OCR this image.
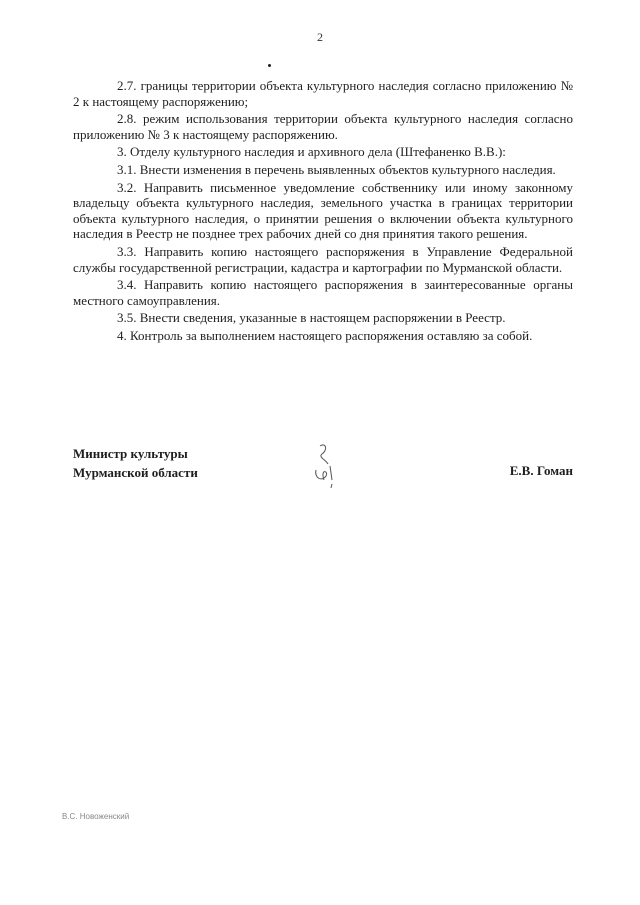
2

2.7. границы территории объекта культурного наследия согласно приложению № 2 к настоящему распоряжению;

2.8. режим использования территории объекта культурного наследия согласно приложению № 3 к настоящему распоряжению.

3. Отделу культурного наследия и архивного дела (Штефаненко В.В.):

3.1. Внести изменения в перечень выявленных объектов культурного наследия.

3.2. Направить письменное уведомление собственнику или иному законному владельцу объекта культурного наследия, земельного участка в границах территории объекта культурного наследия, о принятии решения о включении объекта культурного наследия в Реестр не позднее трех рабочих дней со дня принятия такого решения.

3.3. Направить копию настоящего распоряжения в Управление Федеральной службы государственной регистрации, кадастра и картографии по Мурманской области.

3.4. Направить копию настоящего распоряжения в заинтересованные органы местного самоуправления.

3.5. Внести сведения, указанные в настоящем распоряжении в Реестр.

4. Контроль за выполнением настоящего распоряжения оставляю за собой.

Министр культуры
Мурманской области	Е.В. Гоман
В.С. Новоженский
